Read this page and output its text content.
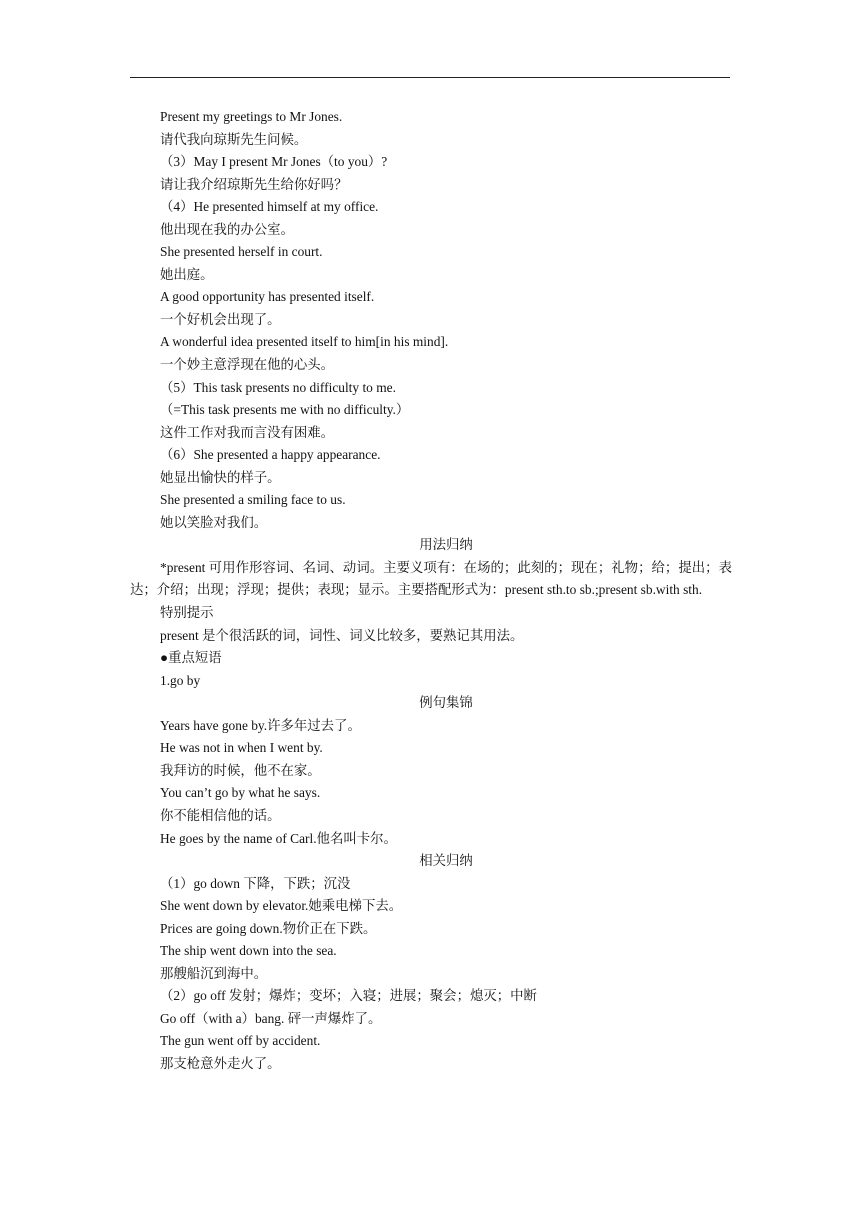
Present my greetings to Mr Jones.
请代我向琼斯先生问候。
（3）May I present Mr Jones（to you）?
请让我介绍琼斯先生给你好吗？
（4）He presented himself at my office.
他出现在我的办公室。
She presented herself in court.
她出庭。
A good opportunity has presented itself.
一个好机会出现了。
A wonderful idea presented itself to him[in his mind].
一个妙主意浮现在他的心头。
（5）This task presents no difficulty to me.
（=This task presents me with no difficulty.）
这件工作对我而言没有困难。
（6）She presented a happy appearance.
她显出愉快的样子。
She presented a smiling face to us.
她以笑脸对我们。
用法归纳
*present 可用作形容词、名词、动词。主要义项有：在场的；此刻的；现在；礼物；给；提出；表达；介绍；出现；浮现；提供；表现；显示。主要搭配形式为：present sth.to sb.;present sb.with sth.
特别提示
present 是个很活跃的词，词性、词义比较多，要熟记其用法。
●重点短语
1.go by
例句集锦
Years have gone by.许多年过去了。
He was not in when I went by.
我拜访的时候，他不在家。
You can’t go by what he says.
你不能相信他的话。
He goes by the name of Carl.他名叫卡尔。
相关归纳
（1）go down 下降，下跌；沉没
She went down by elevator.她乘电梯下去。
Prices are going down.物价正在下跌。
The ship went down into the sea.
那艘船沉到海中。
（2）go off 发射；爆炸；变坏；入寝；进展；聚会；熄灭；中断
Go off（with a）bang. 砰一声爆炸了。
The gun went off by accident.
那支枪意外走火了。
